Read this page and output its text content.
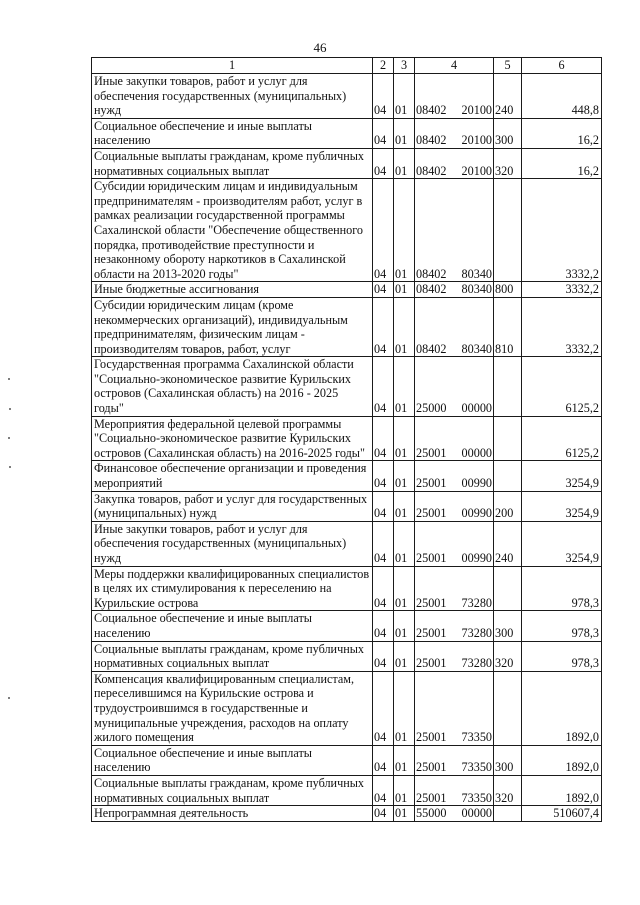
46
1	2	3	4	5	6
Иные закупки товаров, работ и услуг для обеспечения государственных (муниципальных) нужд	04	01	08402 20100	240	448,8
Социальное обеспечение и иные выплаты населению	04	01	08402 20100	300	16,2
Социальные выплаты гражданам, кроме публичных нормативных социальных выплат	04	01	08402 20100	320	16,2
Субсидии юридическим лицам и индивидуальным предпринимателям - производителям работ, услуг в рамках реализации государственной программы Сахалинской области "Обеспечение общественного порядка, противодействие преступности и незаконному обороту наркотиков в Сахалинской области на 2013-2020 годы"	04	01	08402 80340		3332,2
Иные бюджетные ассигнования	04	01	08402 80340	800	3332,2
Субсидии юридическим лицам (кроме некоммерческих организаций), индивидуальным предпринимателям, физическим лицам - производителям товаров, работ, услуг	04	01	08402 80340	810	3332,2
Государственная программа Сахалинской области "Социально-экономическое развитие Курильских островов (Сахалинская область) на 2016 - 2025 годы"	04	01	25000 00000		6125,2
Мероприятия федеральной целевой программы "Социально-экономическое развитие Курильских островов (Сахалинская область) на 2016-2025 годы"	04	01	25001 00000		6125,2
Финансовое обеспечение организации и проведения мероприятий	04	01	25001 00990		3254,9
Закупка товаров, работ и услуг для государственных (муниципальных) нужд	04	01	25001 00990	200	3254,9
Иные закупки товаров, работ и услуг для обеспечения государственных (муниципальных) нужд	04	01	25001 00990	240	3254,9
Меры поддержки квалифицированных специалистов в целях их стимулирования к переселению на Курильские острова	04	01	25001 73280		978,3
Социальное обеспечение и иные выплаты населению	04	01	25001 73280	300	978,3
Социальные выплаты гражданам, кроме публичных нормативных социальных выплат	04	01	25001 73280	320	978,3
Компенсация квалифицированным специалистам, переселившимся на Курильские острова и трудоустроившимся в государственные и муниципальные учреждения, расходов на оплату жилого помещения	04	01	25001 73350		1892,0
Социальное обеспечение и иные выплаты населению	04	01	25001 73350	300	1892,0
Социальные выплаты гражданам, кроме публичных нормативных социальных выплат	04	01	25001 73350	320	1892,0
Непрограммная деятельность	04	01	55000 00000		510607,4
